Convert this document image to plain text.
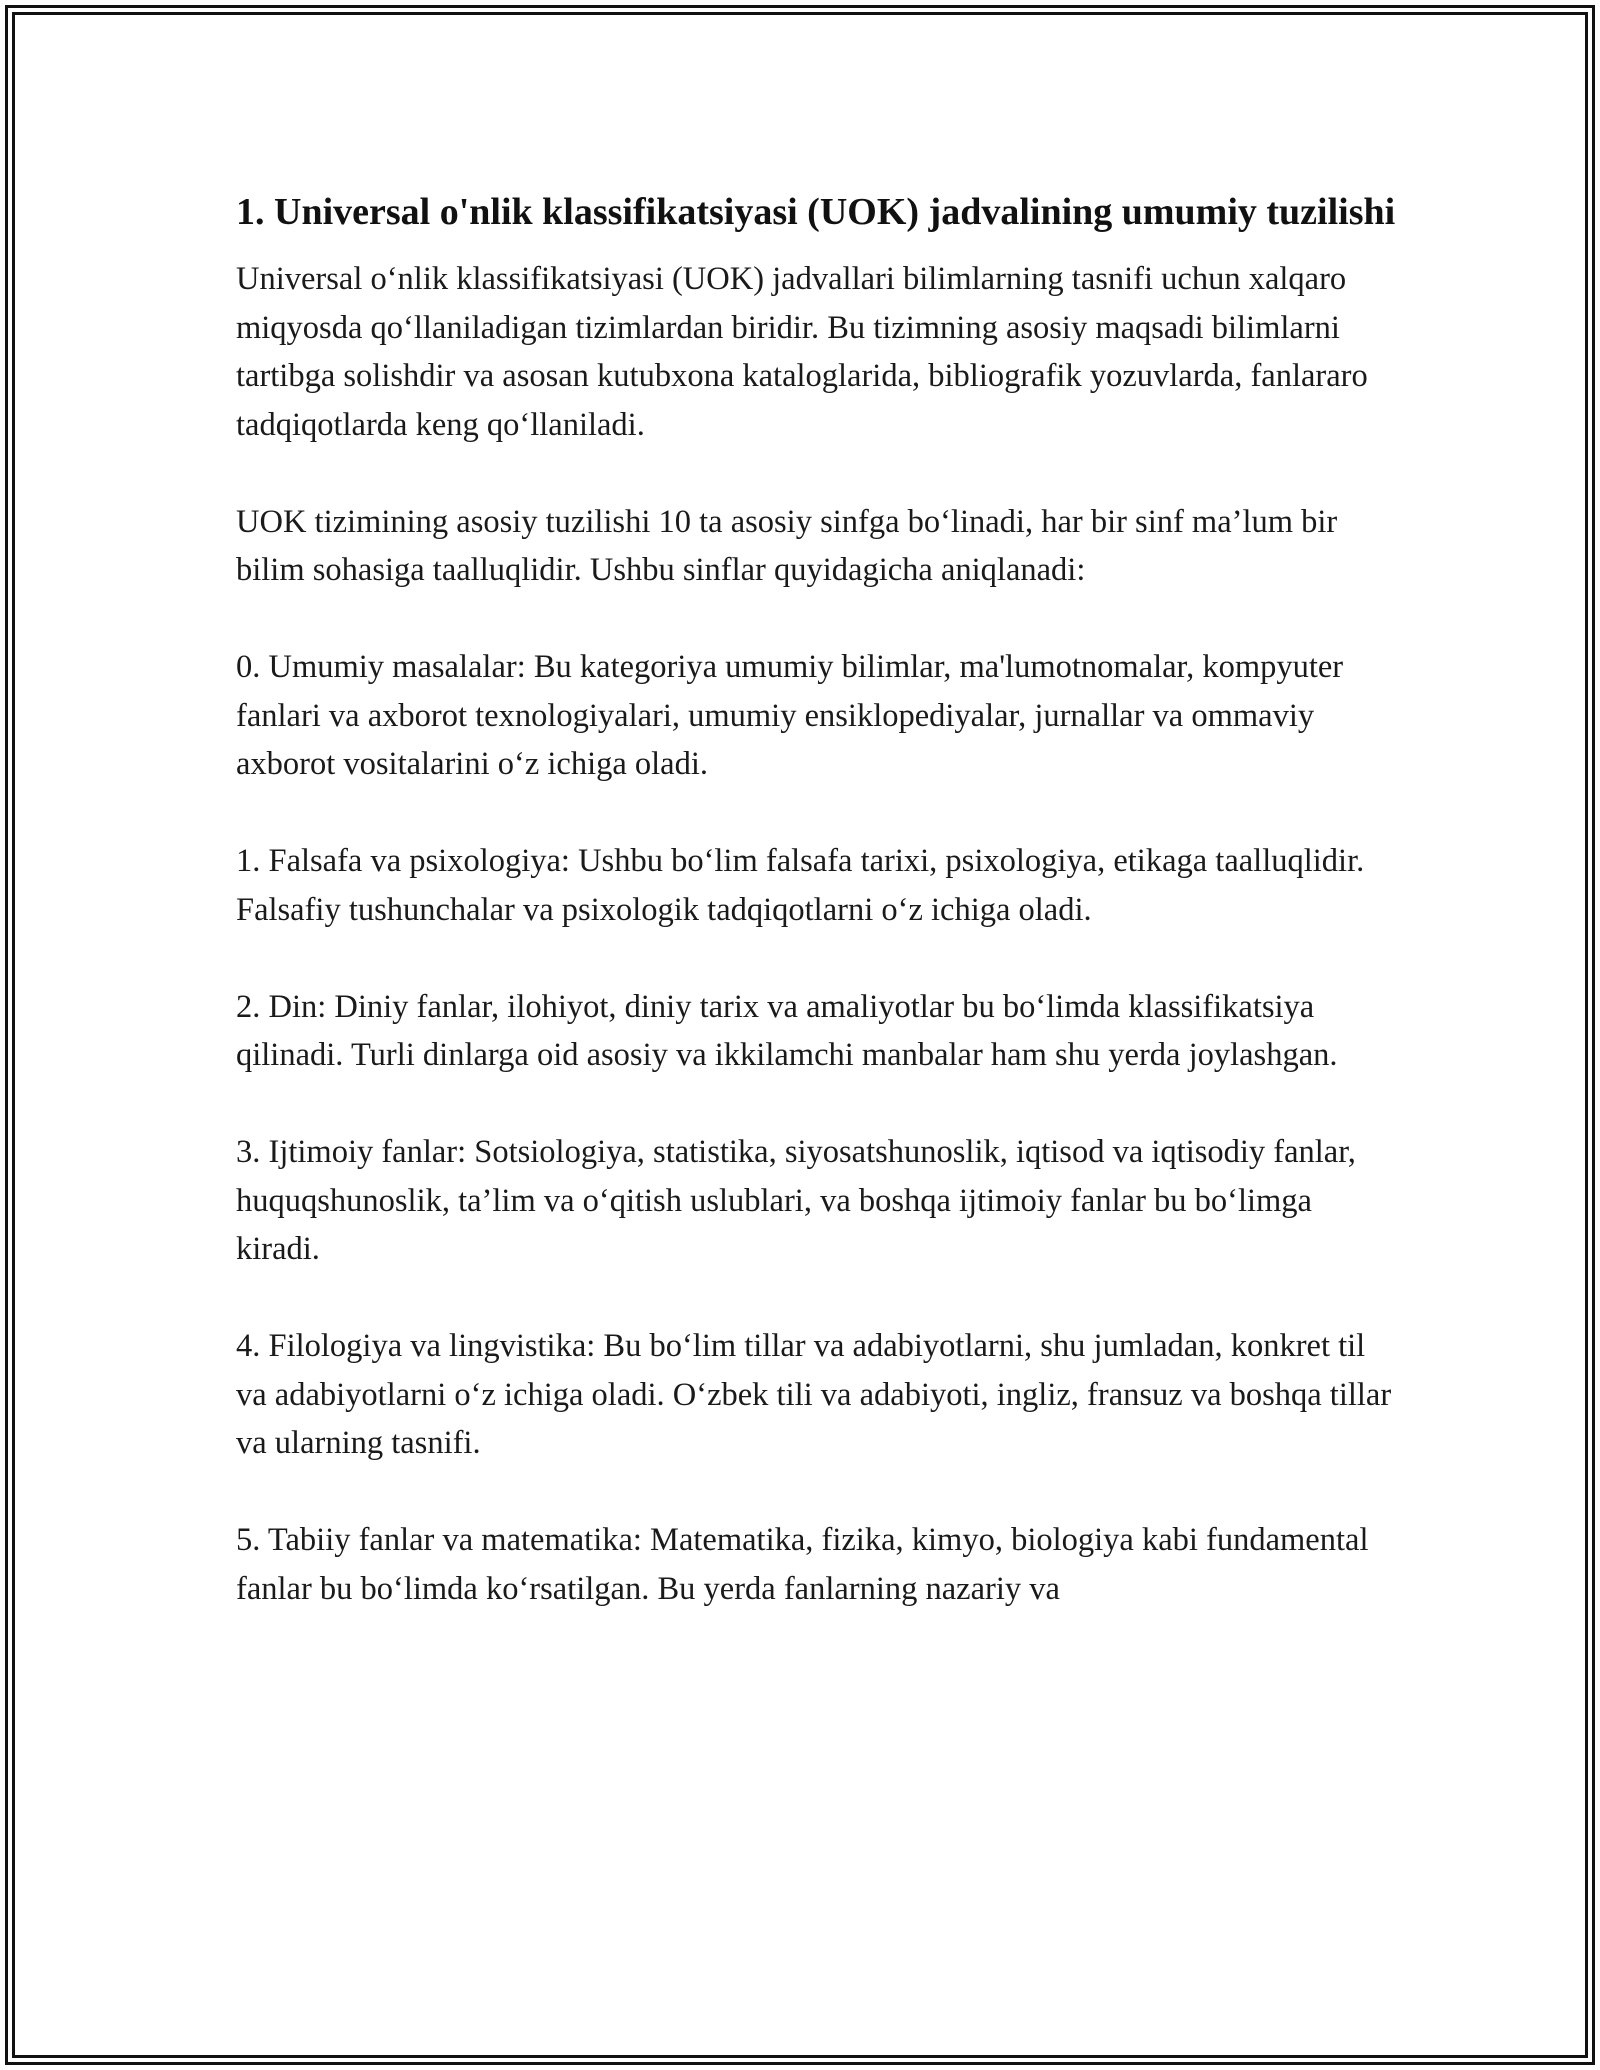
1. Universal o'nlik klassifikatsiyasi (UOK) jadvalining umumiy tuzilishi

Universal o‘nlik klassifikatsiyasi (UOK) jadvallari bilimlarning tasnifi uchun xalqaro miqyosda qo‘llaniladigan tizimlardan biridir. Bu tizimning asosiy maqsadi bilimlarni tartibga solishdir va asosan kutubxona kataloglarida, bibliografik yozuvlarda, fanlararo tadqiqotlarda keng qo‘llaniladi.

UOK tizimining asosiy tuzilishi 10 ta asosiy sinfga bo‘linadi, har bir sinf ma’lum bir bilim sohasiga taalluqlidir. Ushbu sinflar quyidagicha aniqlanadi:

0. Umumiy masalalar: Bu kategoriya umumiy bilimlar, ma'lumotnomalar, kompyuter fanlari va axborot texnologiyalari, umumiy ensiklopediyalar, jurnallar va ommaviy axborot vositalarini o‘z ichiga oladi.

1. Falsafa va psixologiya: Ushbu bo‘lim falsafa tarixi, psixologiya, etikaga taalluqlidir. Falsafiy tushunchalar va psixologik tadqiqotlarni o‘z ichiga oladi.

2. Din: Diniy fanlar, ilohiyot, diniy tarix va amaliyotlar bu bo‘limda klassifikatsiya qilinadi. Turli dinlarga oid asosiy va ikkilamchi manbalar ham shu yerda joylashgan.

3. Ijtimoiy fanlar: Sotsiologiya, statistika, siyosatshunoslik, iqtisod va iqtisodiy fanlar, huquqshunoslik, ta’lim va o‘qitish uslublari, va boshqa ijtimoiy fanlar bu bo‘limga kiradi.

4. Filologiya va lingvistika: Bu bo‘lim tillar va adabiyotlarni, shu jumladan, konkret til va adabiyotlarni o‘z ichiga oladi. O‘zbek tili va adabiyoti, ingliz, fransuz va boshqa tillar va ularning tasnifi.

5. Tabiiy fanlar va matematika: Matematika, fizika, kimyo, biologiya kabi fundamental fanlar bu bo‘limda ko‘rsatilgan. Bu yerda fanlarning nazariy va
